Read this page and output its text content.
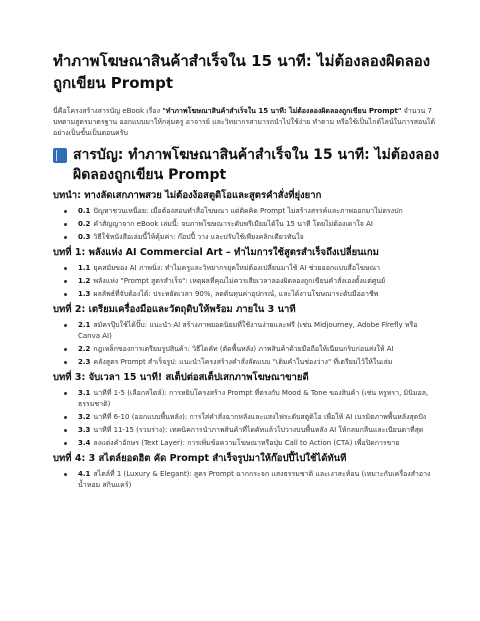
ทำภาพโฆษณาสินค้าสำเร็จใน 15 นาที: ไม่ต้องลองผิดลองถูกเขียน Prompt

นี่คือโครงสร้างสารบัญ eBook เรื่อง "ทำภาพโฆษณาสินค้าสำเร็จใน 15 นาที: ไม่ต้องลองผิดลองถูกเขียน Prompt" จำนวน 7 บทตามสูตรมาตรฐาน ออกแบบมาให้กลุ่มครู อาจารย์ และวิทยากรสามารถนำไปใช้ง่าย ทำตาม หรือใช้เป็นไกด์ไลน์ในการสอนได้อย่างเป็นขั้นเป็นตอนครับ

สารบัญ: ทำภาพโฆษณาสินค้าสำเร็จใน 15 นาที: ไม่ต้องลองผิดลองถูกเขียน Prompt
บทนำ: ทางลัดเสกภาพสวย ไม่ต้องง้อสตูดิโอและสูตรคำสั่งที่ยุ่งยาก
0.1 ปัญหาชวนเหนื่อย: เมื่อต้องสอนทำสื่อโฆษณา แต่ติดคิด Prompt ไม่สร้างสรรค์และภาพออกมาไม่ตรงปก
0.2 คำสัญญาจาก eBook เล่มนี้: จบภาพโฆษณาระดับพรีเมียมได้ใน 15 นาที โดยไม่ต้องเดาใจ AI
0.3 วิธีใช้หนังสือเล่มนี้ให้คุ้มค่า: ก๊อปปี้ วาง และปรับใช้เพียงคลิกเดียวทันใจ
บทที่ 1: พลังแห่ง AI Commercial Art – ทำไมการใช้สูตรสำเร็จถึงเปลี่ยนเกม
1.1 ยุคสมัยของ AI ภาพนิ่ง: ทำไมครูและวิทยากรยุคใหม่ต้องเปลี่ยนมาใช้ AI ช่วยออกแบบสื่อโฆษณา
1.2 พลังแห่ง "Prompt สูตรสำเร็จ": เหตุผลที่คุณไม่ควรเสียเวลาลองผิดลองถูกเขียนคำสั่งเองตั้งแต่ศูนย์
1.3 ผลลัพธ์ที่จับต้องได้: ประหยัดเวลา 90%, ลดต้นทุนค่าอุปกรณ์, และได้งานโฆษณาระดับมืออาชีพ
บทที่ 2: เตรียมเครื่องมือและวัตถุดิบให้พร้อม ภายใน 3 นาที
2.1 สมัครปุ๊บใช้ได้ปั๊บ: แนะนำ AI สร้างภาพยอดนิยมที่ใช้งานง่ายและฟรี (เช่น Midjourney, Adobe Firefly หรือ Canva AI)
2.2 กฎเหล็กของการเตรียมรูปสินค้า: วิธีไดคัท (ตัดพื้นหลัง) ภาพสินค้าด้วยมือถือให้เนียนกริบก่อนส่งให้ AI
2.3 คลังสูตร Prompt สำเร็จรูป: แนะนำโครงสร้างคำสั่งลัดแบบ "เติมคำในช่องว่าง" ที่เตรียมไว้ให้ในเล่ม
บทที่ 3: จับเวลา 15 นาที! สเต็ปต่อสเต็ปเสกภาพโฆษณาขายดี
3.1 นาทีที่ 1-5 (เลือกสไตล์): การหยิบโครงสร้าง Prompt ที่ตรงกับ Mood & Tone ของสินค้า (เช่น หรูหรา, มินิมอล, ธรรมชาติ)
3.2 นาทีที่ 6-10 (ออกแบบพื้นหลัง): การใส่คำสั่งฉากหลังและแสงไฟระดับสตูดิโอ เพื่อให้ AI เนรมิตภาพพื้นหลังสุดปัง
3.3 นาทีที่ 11-15 (รวมร่าง): เทคนิคการนำภาพสินค้าที่ไดคัทแล้วไปวางบนพื้นหลัง AI ให้กลมกลืนและเนียนตาที่สุด
3.4 ลงแต่งคำอักษร (Text Layer): การเพิ่มข้อความโฆษณาหรือปุ่ม Call to Action (CTA) เพื่อปิดการขาย
บทที่ 4: 3 สไตล์ยอดฮิต คัด Prompt สำเร็จรูปมาให้ก๊อปปี้ไปใช้ได้ทันที
4.1 สไตล์ที่ 1 (Luxury & Elegant): สูตร Prompt ฉากกระจก แสงธรรมชาติ และเงาสะท้อน (เหมาะกับเครื่องสำอาง น้ำหอม สกินแคร์)
